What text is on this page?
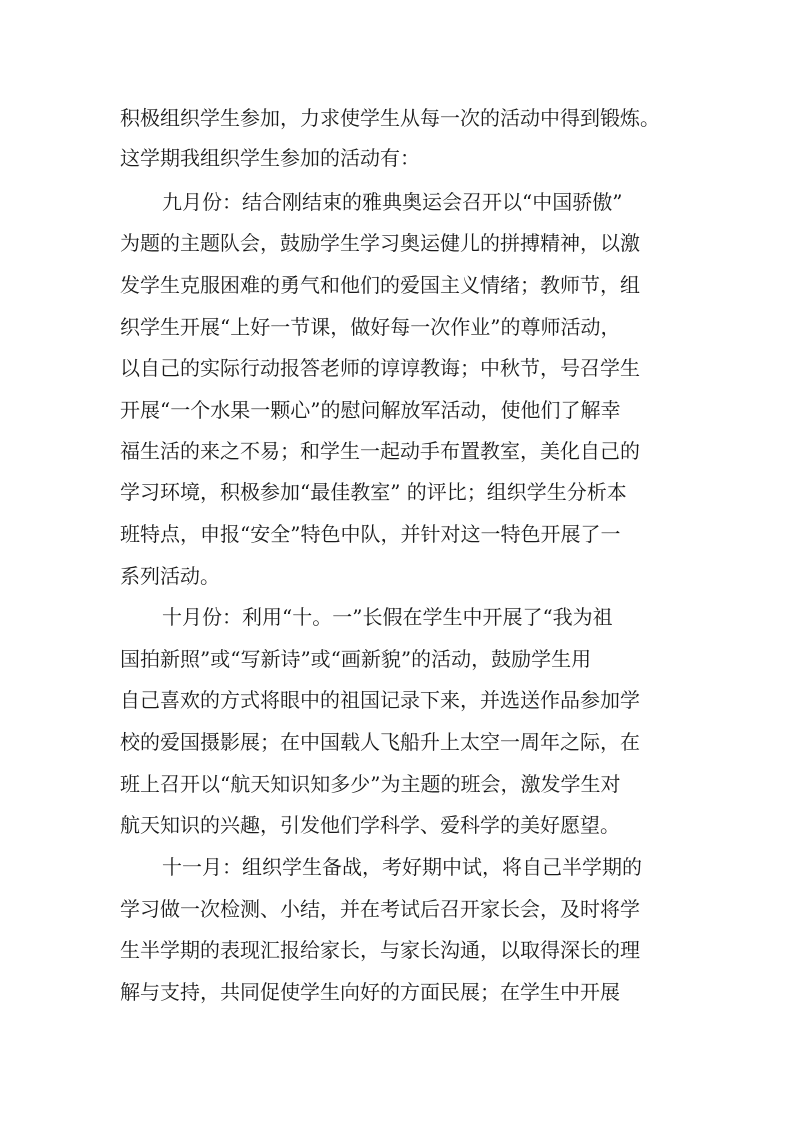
积极组织学生参加，力求使学生从每一次的活动中得到锻炼。
这学期我组织学生参加的活动有：
九月份：结合刚结束的雅典奥运会召开以“中国骄傲”
为题的主题队会，鼓励学生学习奥运健儿的拼搏精神，以激
发学生克服困难的勇气和他们的爱国主义情绪；教师节，组
织学生开展“上好一节课，做好每一次作业”的尊师活动，
以自己的实际行动报答老师的谆谆教诲；中秋节，号召学生
开展“一个水果一颗心”的慰问解放军活动，使他们了解幸
福生活的来之不易；和学生一起动手布置教室，美化自己的
学习环境，积极参加“最佳教室” 的评比；组织学生分析本
班特点，申报“安全”特色中队，并针对这一特色开展了一
系列活动。
十月份：利用“十。一”长假在学生中开展了“我为祖
国拍新照”或“写新诗”或“画新貌”的活动，鼓励学生用
自己喜欢的方式将眼中的祖国记录下来，并选送作品参加学
校的爱国摄影展；在中国载人飞船升上太空一周年之际，在
班上召开以“航天知识知多少”为主题的班会，激发学生对
航天知识的兴趣，引发他们学科学、爱科学的美好愿望。
十一月：组织学生备战，考好期中试，将自己半学期的
学习做一次检测、小结，并在考试后召开家长会，及时将学
生半学期的表现汇报给家长，与家长沟通，以取得深长的理
解与支持，共同促使学生向好的方面民展；在学生中开展
